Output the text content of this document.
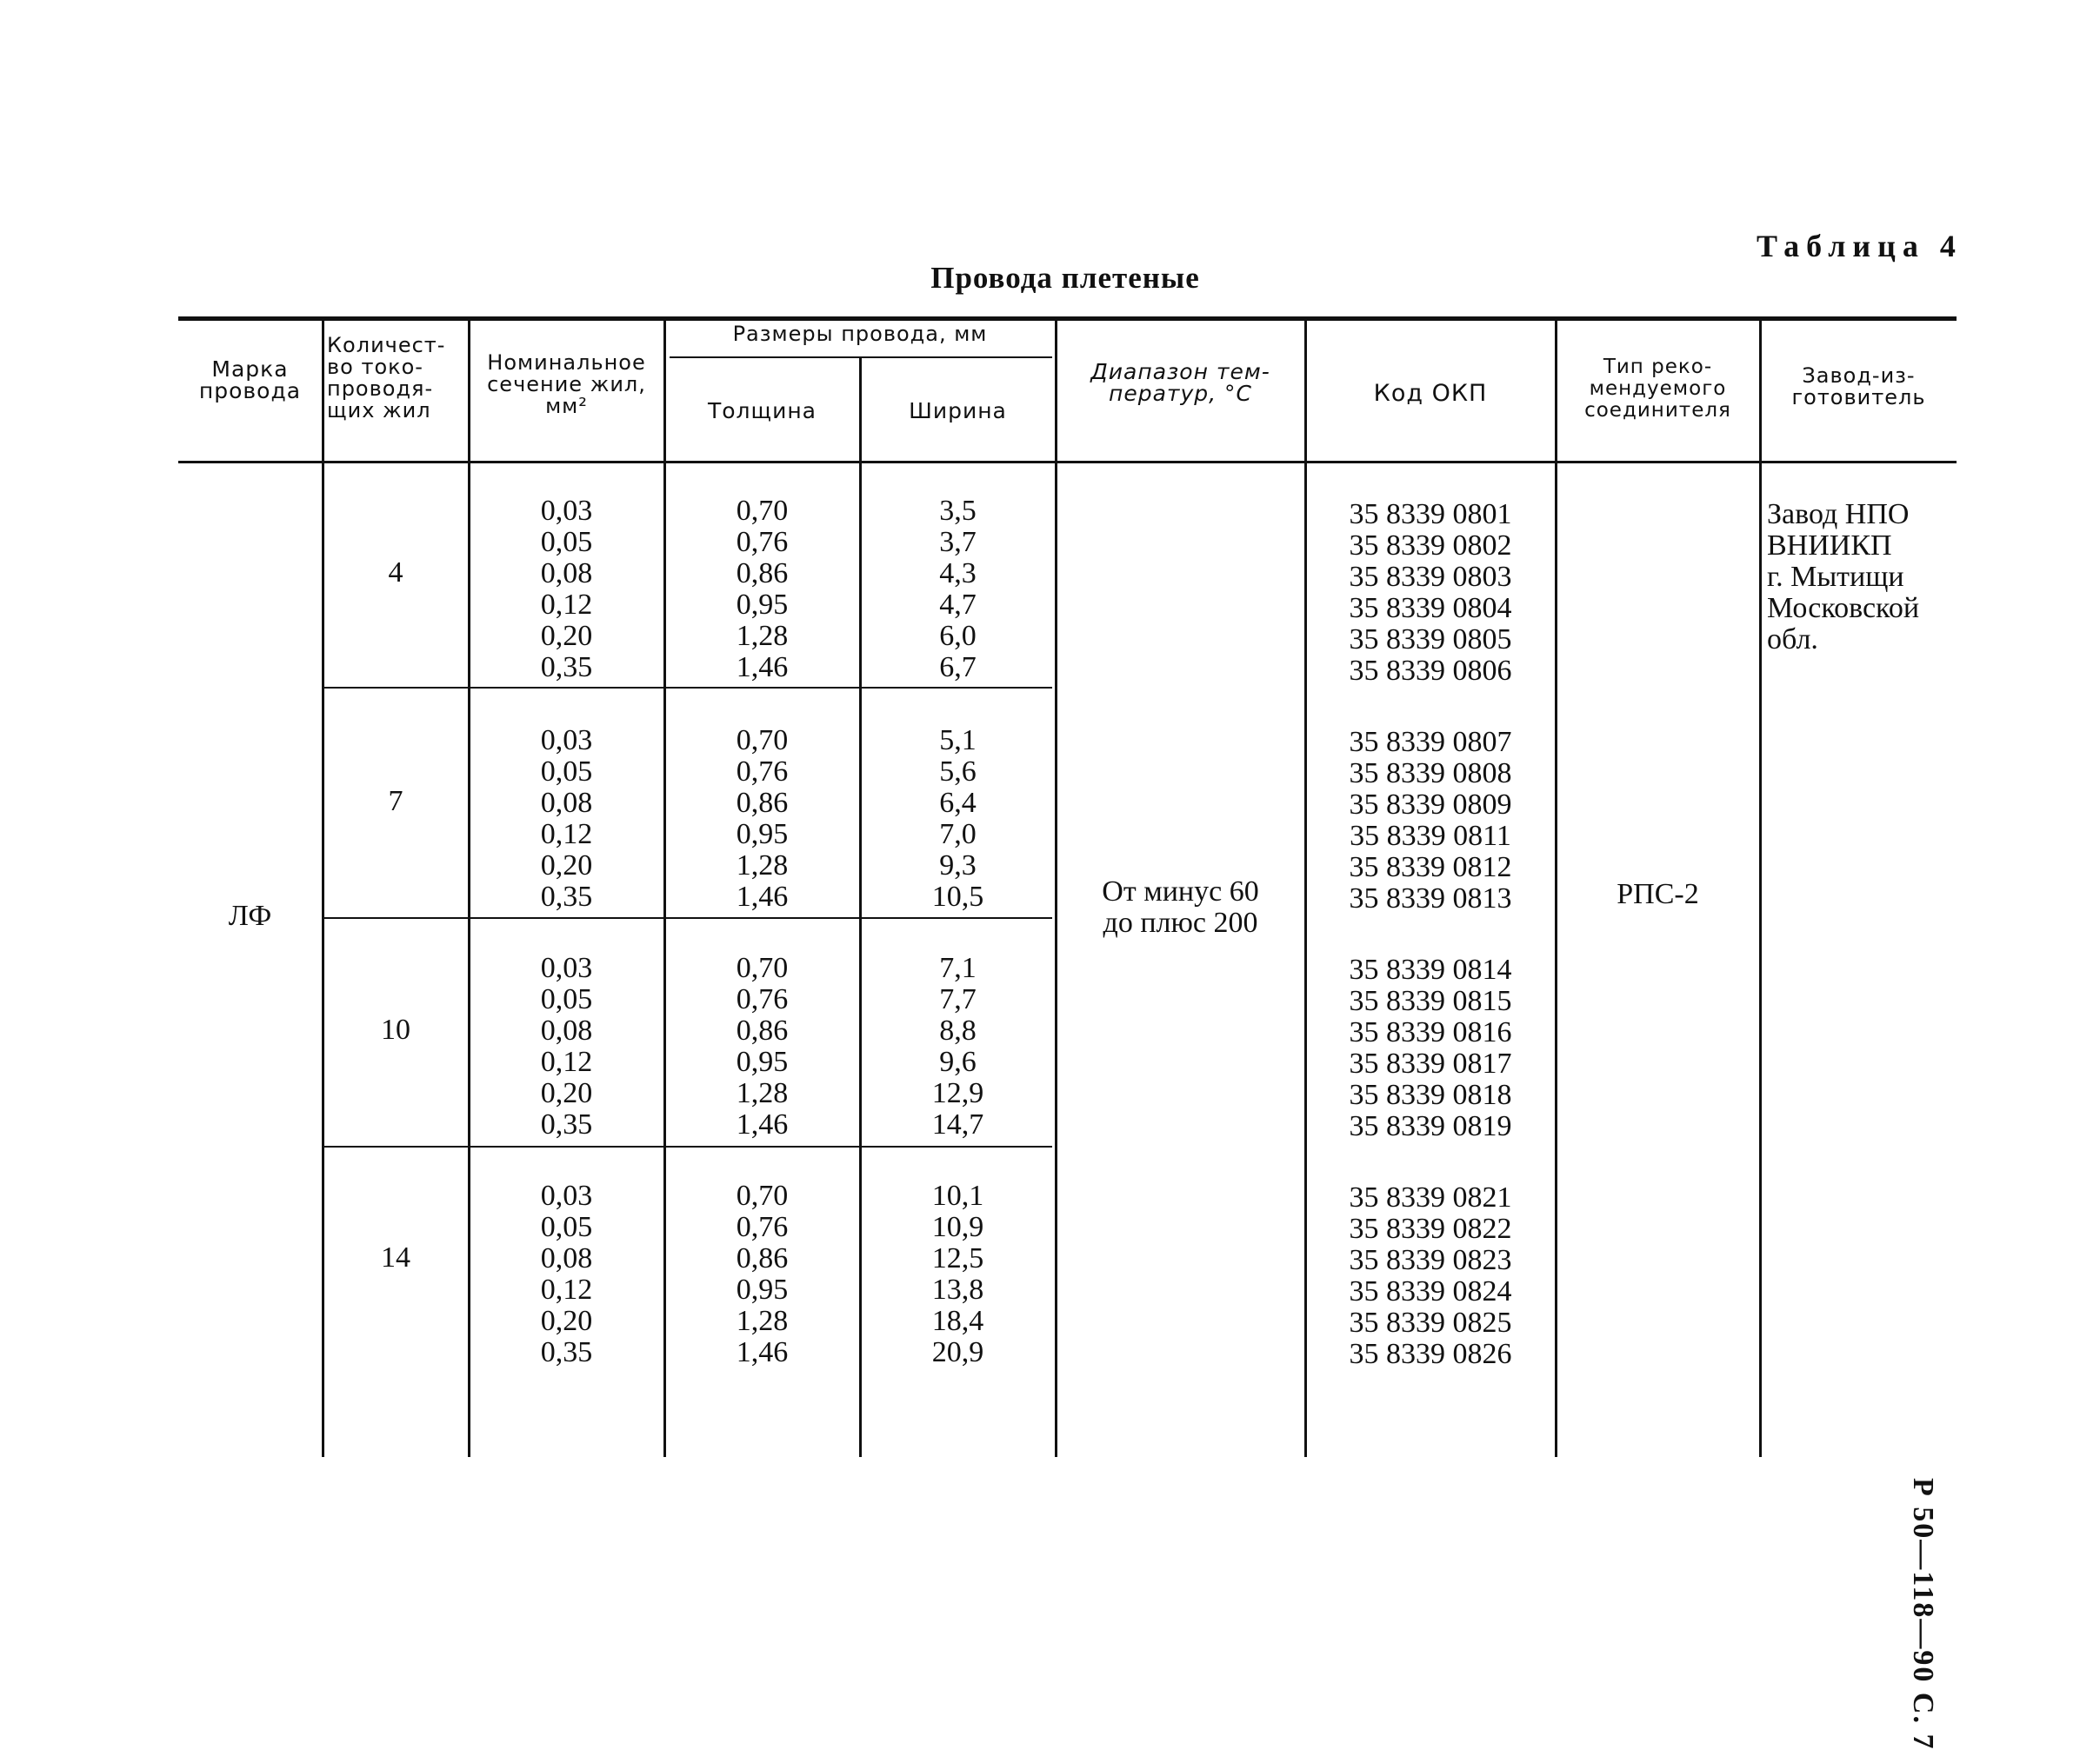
Таблица 4
Провода плетеные
Марка
провода
Количест-
во токо-
проводя-
щих жил
Номинальное
сечение жил,
мм²
Размеры провода, мм
Толщина	Ширина
Диапазон тем-
ператур, °С	Код ОКП
Тип реко-
мендуемого
соединителя
Завод-из-
готовитель
ЛФ
От минус 60
до плюс 200
РПС-2
Завод НПО
ВНИИКП
г. Мытищи
Московской
обл.
4
0,03
0,05
0,08
0,12
0,20
0,35
0,70
0,76
0,86
0,95
1,28
1,46
3,5
3,7
4,3
4,7
6,0
6,7
35 8339 0801
35 8339 0802
35 8339 0803
35 8339 0804
35 8339 0805
35 8339 0806
7
0,03
0,05
0,08
0,12
0,20
0,35
0,70
0,76
0,86
0,95
1,28
1,46
5,1
5,6
6,4
7,0
9,3
10,5
35 8339 0807
35 8339 0808
35 8339 0809
35 8339 0811
35 8339 0812
35 8339 0813
10
0,03
0,05
0,08
0,12
0,20
0,35
0,70
0,76
0,86
0,95
1,28
1,46
7,1
7,7
8,8
9,6
12,9
14,7
35 8339 0814
35 8339 0815
35 8339 0816
35 8339 0817
35 8339 0818
35 8339 0819
14
0,03
0,05
0,08
0,12
0,20
0,35
0,70
0,76
0,86
0,95
1,28
1,46
10,1
10,9
12,5
13,8
18,4
20,9
35 8339 0821
35 8339 0822
35 8339 0823
35 8339 0824
35 8339 0825
35 8339 0826
Р 50—118—90 С. 7
